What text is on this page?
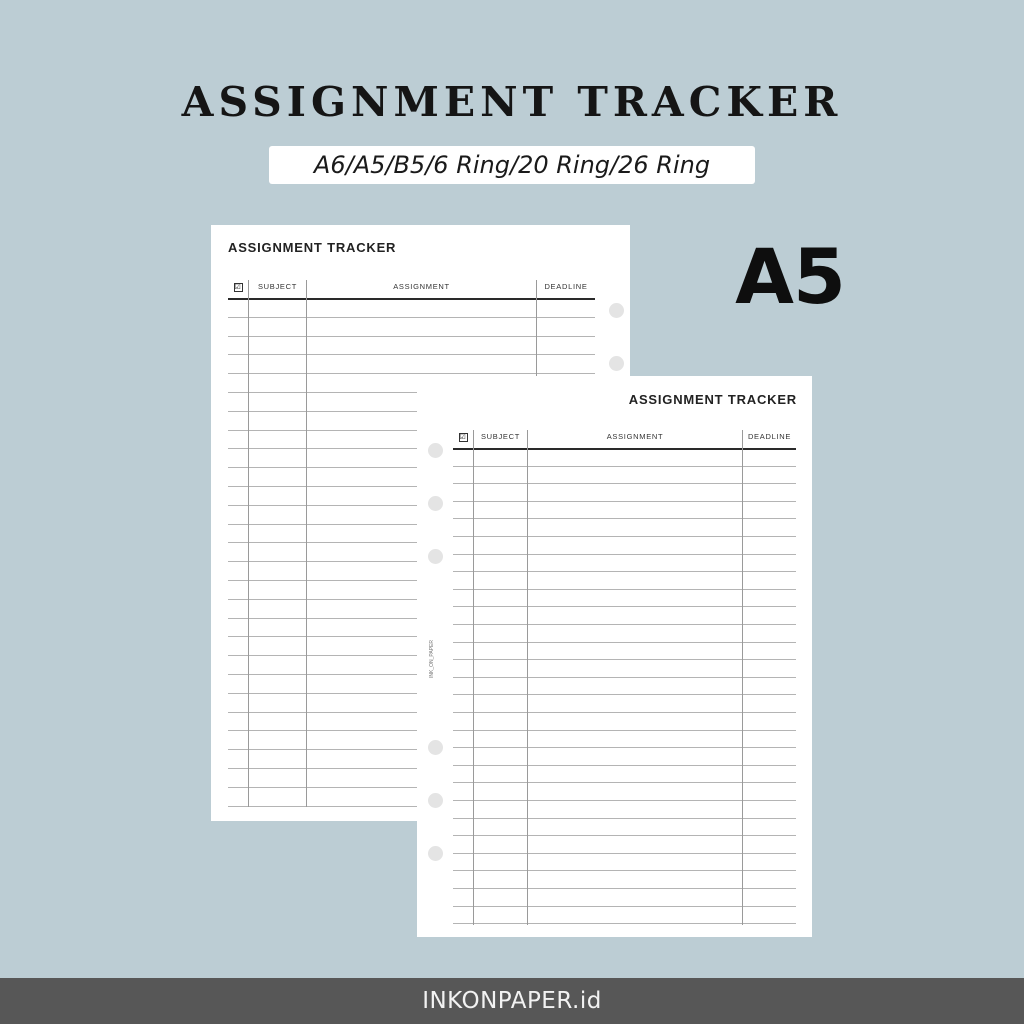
ASSIGNMENT TRACKER
A6/A5/B5/6 Ring/20 Ring/26 Ring
A5
ASSIGNMENT TRACKER
☑	SUBJECT	ASSIGNMENT	DEADLINE
ASSIGNMENT TRACKER
☑	SUBJECT	ASSIGNMENT	DEADLINE
INK_ON_PAPER
INKONPAPER.id
